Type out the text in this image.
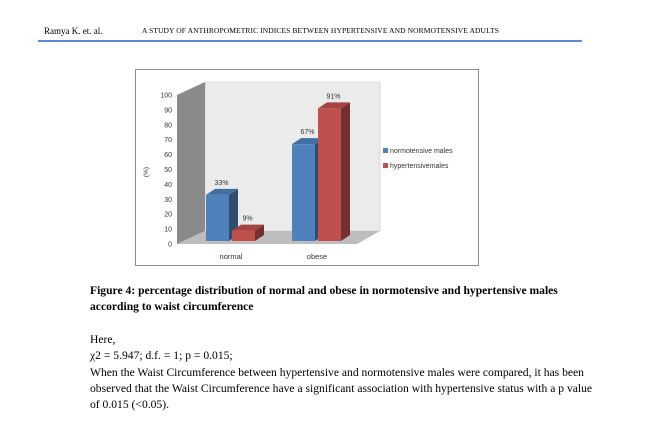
Ramya K. et. al.	A STUDY OF ANTHROPOMETRIC INDICES BETWEEN HYPERTENSIVE AND NORMOTENSIVE ADULTS
0
10
20
30
40
50
60
70
80
90
100
(%)
33%
9%
normal
67%
91%
obese
normotensive males
hypertensivemales
Figure 4: percentage distribution of normal and obese in normotensive and hypertensive males according to waist circumference

Here,

χ2 = 5.947; d.f. = 1; p = 0.015;

When the Waist Circumference between hypertensive and normotensive males were compared, it has been observed that the Waist Circumference have a significant association with hypertensive status with a p value of 0.015 (<0.05).
